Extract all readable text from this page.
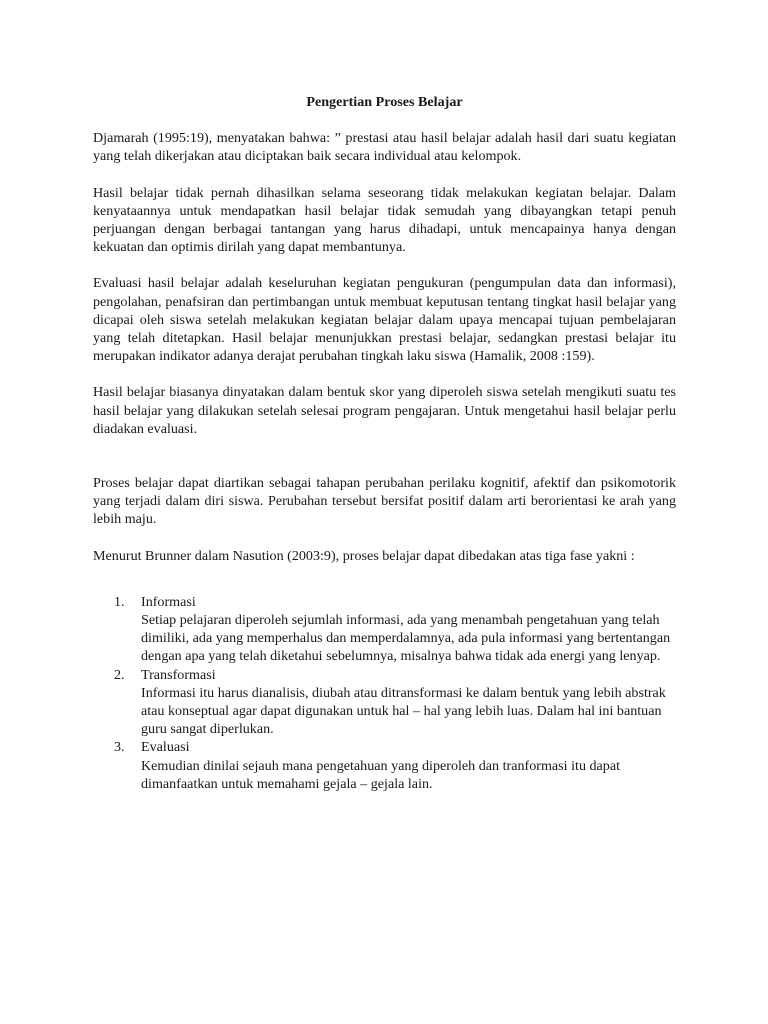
Pengertian Proses Belajar

Djamarah (1995:19), menyatakan bahwa: ” prestasi atau hasil belajar adalah hasil dari suatu kegiatan yang telah dikerjakan atau diciptakan baik secara individual atau kelompok.

Hasil belajar tidak pernah dihasilkan selama seseorang tidak melakukan kegiatan belajar. Dalam kenyataannya untuk mendapatkan hasil belajar tidak semudah yang dibayangkan tetapi penuh perjuangan dengan berbagai tantangan yang harus dihadapi, untuk mencapainya hanya dengan kekuatan dan optimis dirilah yang dapat membantunya.

Evaluasi hasil belajar adalah keseluruhan kegiatan pengukuran (pengumpulan data dan informasi), pengolahan, penafsiran dan pertimbangan untuk membuat keputusan tentang tingkat hasil belajar yang dicapai oleh siswa setelah melakukan kegiatan belajar dalam upaya mencapai tujuan pembelajaran yang telah ditetapkan. Hasil belajar menunjukkan prestasi belajar, sedangkan prestasi belajar itu merupakan indikator adanya derajat perubahan tingkah laku siswa (Hamalik, 2008 :159).

Hasil belajar biasanya dinyatakan dalam bentuk skor yang diperoleh siswa setelah mengikuti suatu tes hasil belajar yang dilakukan setelah selesai program pengajaran. Untuk mengetahui hasil belajar perlu diadakan evaluasi.

Proses belajar dapat diartikan sebagai tahapan perubahan perilaku kognitif, afektif dan psikomotorik yang terjadi dalam diri siswa. Perubahan tersebut bersifat positif dalam arti berorientasi ke arah yang lebih maju.

Menurut Brunner dalam Nasution (2003:9), proses belajar dapat dibedakan atas tiga fase yakni :

1. Informasi
Setiap pelajaran diperoleh sejumlah informasi, ada yang menambah pengetahuan yang telah dimiliki, ada yang memperhalus dan memperdalamnya, ada pula informasi yang bertentangan dengan apa yang telah diketahui sebelumnya, misalnya bahwa tidak ada energi yang lenyap.
2. Transformasi
Informasi itu harus dianalisis, diubah atau ditransformasi ke dalam bentuk yang lebih abstrak atau konseptual agar dapat digunakan untuk hal – hal yang lebih luas. Dalam hal ini bantuan guru sangat diperlukan.
3. Evaluasi
Kemudian dinilai sejauh mana pengetahuan yang diperoleh dan tranformasi itu dapat dimanfaatkan untuk memahami gejala – gejala lain.
